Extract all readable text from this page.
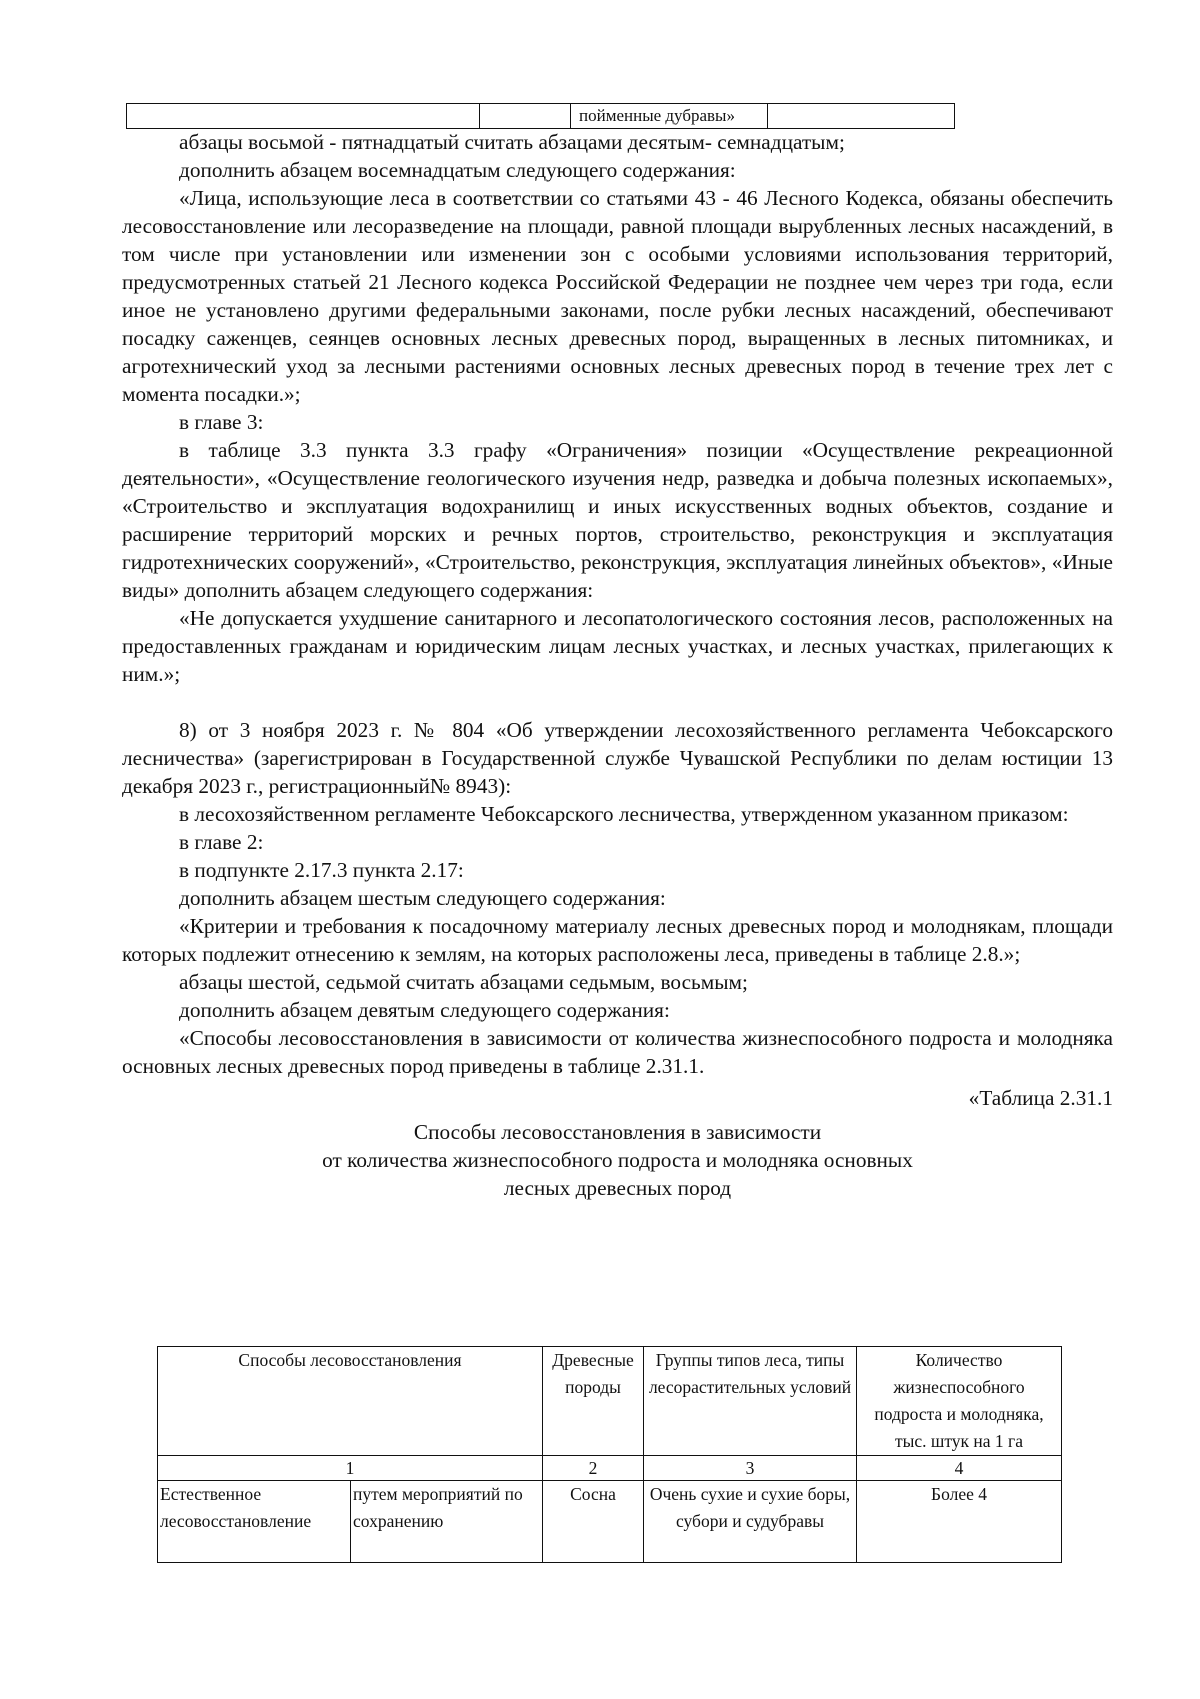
		пойменные дубравы»	

абзацы восьмой - пятнадцатый считать абзацами десятым- семнадцатым;

дополнить абзацем восемнадцатым следующего содержания:

«Лица, использующие леса в соответствии со статьями 43 - 46 Лесного Кодекса, обязаны обеспечить лесовосстановление или лесоразведение на площади, равной площади вырубленных лесных насаждений, в том числе при установлении или изменении зон с особыми условиями использования территорий, предусмотренных статьей 21 Лесного кодекса Российской Федерации не позднее чем через три года, если иное не установлено другими федеральными законами, после рубки лесных насаждений, обеспечивают посадку саженцев, сеянцев основных лесных древесных пород, выращенных в лесных питомниках, и агротехнический уход за лесными растениями основных лесных древесных пород в течение трех лет с момента посадки.»;

в главе 3:

в таблице 3.3 пункта 3.3 графу «Ограничения» позиции «Осуществление рекреационной деятельности», «Осуществление геологического изучения недр, разведка и добыча полезных ископаемых», «Строительство и эксплуатация водохранилищ и иных искусственных водных объектов, создание и расширение территорий морских и речных портов, строительство, реконструкция и эксплуатация гидротехнических сооружений», «Строительство, реконструкция, эксплуатация линейных объектов», «Иные виды» дополнить абзацем следующего содержания:

«Не допускается ухудшение санитарного и лесопатологического состояния лесов, расположенных на предоставленных гражданам и юридическим лицам лесных участках, и лесных участках, прилегающих к ним.»;

8) от 3 ноября 2023 г. № 804 «Об утверждении лесохозяйственного регламента Чебоксарского лесничества» (зарегистрирован в Государственной службе Чувашской Республики по делам юстиции 13 декабря 2023 г., регистрационный№ 8943):

в лесохозяйственном регламенте Чебоксарского лесничества, утвержденном указанном приказом:

в главе 2:

в подпункте 2.17.3 пункта 2.17:

дополнить абзацем шестым следующего содержания:

«Критерии и требования к посадочному материалу лесных древесных пород и молоднякам, площади которых подлежит отнесению к землям, на которых расположены леса, приведены в таблице 2.8.»;

абзацы шестой, седьмой считать абзацами седьмым, восьмым;

дополнить абзацем девятым следующего содержания:

«Способы лесовосстановления в зависимости от количества жизнеспособного подроста и молодняка основных лесных древесных пород приведены в таблице 2.31.1.

«Таблица 2.31.1

Способы лесовосстановления в зависимости

от количества жизнеспособного подроста и молодняка основных

лесных древесных пород

Способы лесовосстановления		Древесные породы	Группы типов леса, типы лесорастительных условий	Количество жизнеспособного подроста и молодняка, тыс. штук на 1 га
1		2	3	4
Естественное лесовосстановление	путем мероприятий по сохранению	Сосна	Очень сухие и сухие боры, субори и судубравы	Более 4
